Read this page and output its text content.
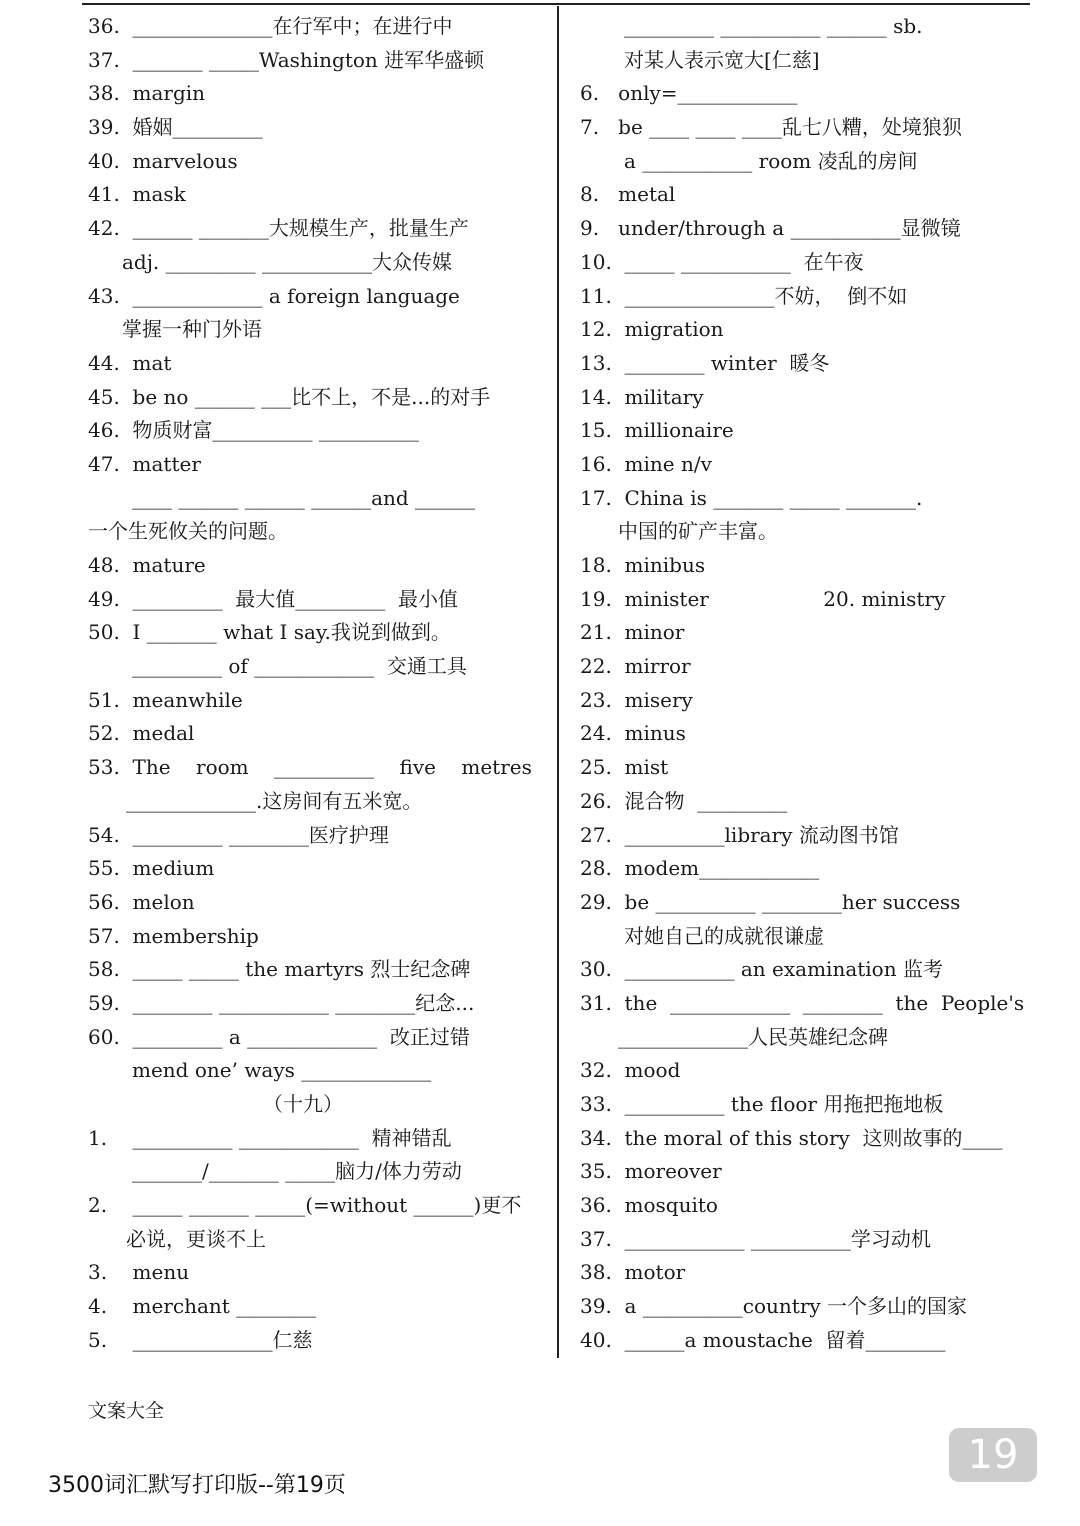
36.  ______________在行军中；在进行中
37.  _______ _____Washington 进军华盛顿
38.  margin
39.  婚姻_________
40.  marvelous
41.  mask
42.  ______ _______大规模生产，批量生产
adj. _________ ___________大众传媒
43.  _____________ a foreign language
掌握一种门外语
44.  mat
45.  be no ______ ___比不上，不是...的对手
46.  物质财富__________ __________
47.  matter
____ ______ ______ ______and ______
一个生死攸关的问题。
48.  mature
49.  _________  最大值_________  最小值
50.  I _______ what I say.我说到做到。
_________ of ____________  交通工具
51.  meanwhile
52.  medal
53.  The    room    __________    five    metres
_____________.这房间有五米宽。
54.  _________ ________医疗护理
55.  medium
56.  melon
57.  membership
58.  _____ _____ the martyrs 烈士纪念碑
59.  ________ ___________ ________纪念...
60.  _________ a _____________  改正过错
mend one’ ways _____________
（十九）
1.    __________ ____________  精神错乱
_______/_______ _____脑力/体力劳动
2.    _____ ______ _____(=without ______)更不
必说，更谈不上
3.    menu
4.    merchant ________
5.    ______________仁慈
_________ __________ ______ sb.
对某人表示宽大[仁慈]
6.   only=____________
7.   be ____ ____ ____乱七八糟，处境狼狈
a ___________ room 凌乱的房间
8.   metal
9.   under/through a ___________显微镜
10.  _____ ___________  在午夜
11.  _______________不妨，  倒不如
12.  migration
13.  ________ winter  暖冬
14.  military
15.  millionaire
16.  mine n/v
17.  China is _______ _____ _______.
中国的矿产丰富。
18.  minibus
19.  minister                  20. ministry
21.  minor
22.  mirror
23.  misery
24.  minus
25.  mist
26.  混合物  _________
27.  __________library 流动图书馆
28.  modem____________
29.  be __________ ________her success
对她自己的成就很谦虚
30.  ___________ an examination 监考
31.  the  ____________  ________  the  People's
_____________人民英雄纪念碑
32.  mood
33.  __________ the floor 用拖把拖地板
34.  the moral of this story  这则故事的____
35.  moreover
36.  mosquito
37.  ____________ __________学习动机
38.  motor
39.  a __________country 一个多山的国家
40.  ______a moustache  留着________
文案大全
19
3500词汇默写打印版--第19页
